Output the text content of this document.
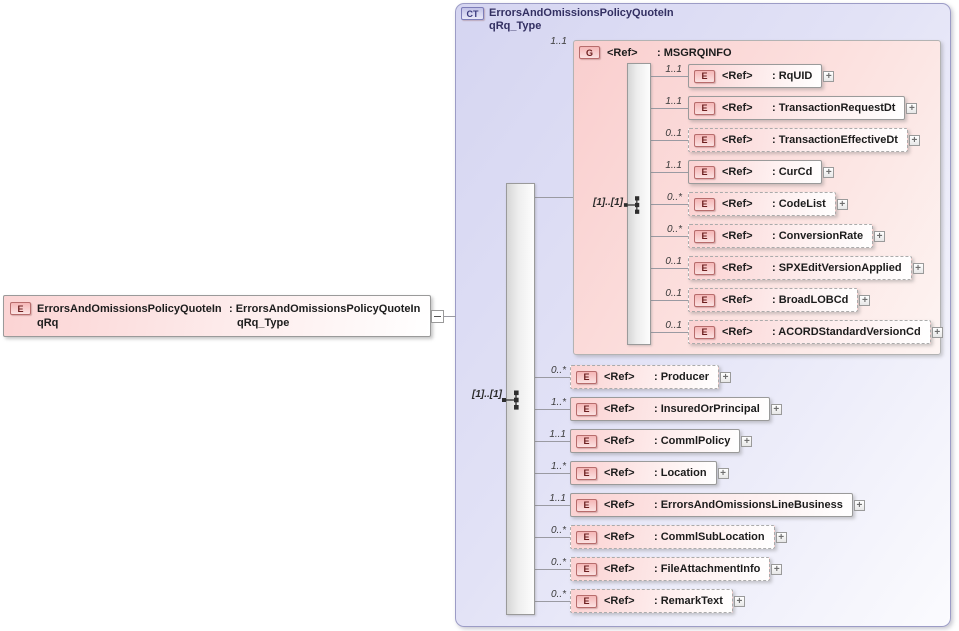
E	ErrorsAndOmissionsPolicyQuoteIn
qRq
: ErrorsAndOmissionsPolicyQuoteIn
qRq_Type
CT ErrorsAndOmissionsPolicyQuoteIn
qRq_Type
[1]..[1]
1..1
G	<Ref>	: MSGRQINFO
[1]..[1]
1..1
E	<Ref>	: RqUID +
1..1
E	<Ref>	: TransactionRequestDt +
0..1
E	<Ref>	: TransactionEffectiveDt +
1..1
E	<Ref>	: CurCd +
0..*
E	<Ref>	: CodeList +
0..*
E	<Ref>	: ConversionRate +
0..1
E	<Ref>	: SPXEditVersionApplied +
0..1
E	<Ref>	: BroadLOBCd +
0..1
E	<Ref>	: ACORDStandardVersionCd +
0..*
E	<Ref>	: Producer +
1..*
E	<Ref>	: InsuredOrPrincipal +
1..1
E	<Ref>	: CommlPolicy +
1..*
E	<Ref>	: Location +
1..1
E	<Ref>	: ErrorsAndOmissionsLineBusiness +
0..*
E	<Ref>	: CommlSubLocation +
0..*
E	<Ref>	: FileAttachmentInfo +
0..*
E	<Ref>	: RemarkText +
